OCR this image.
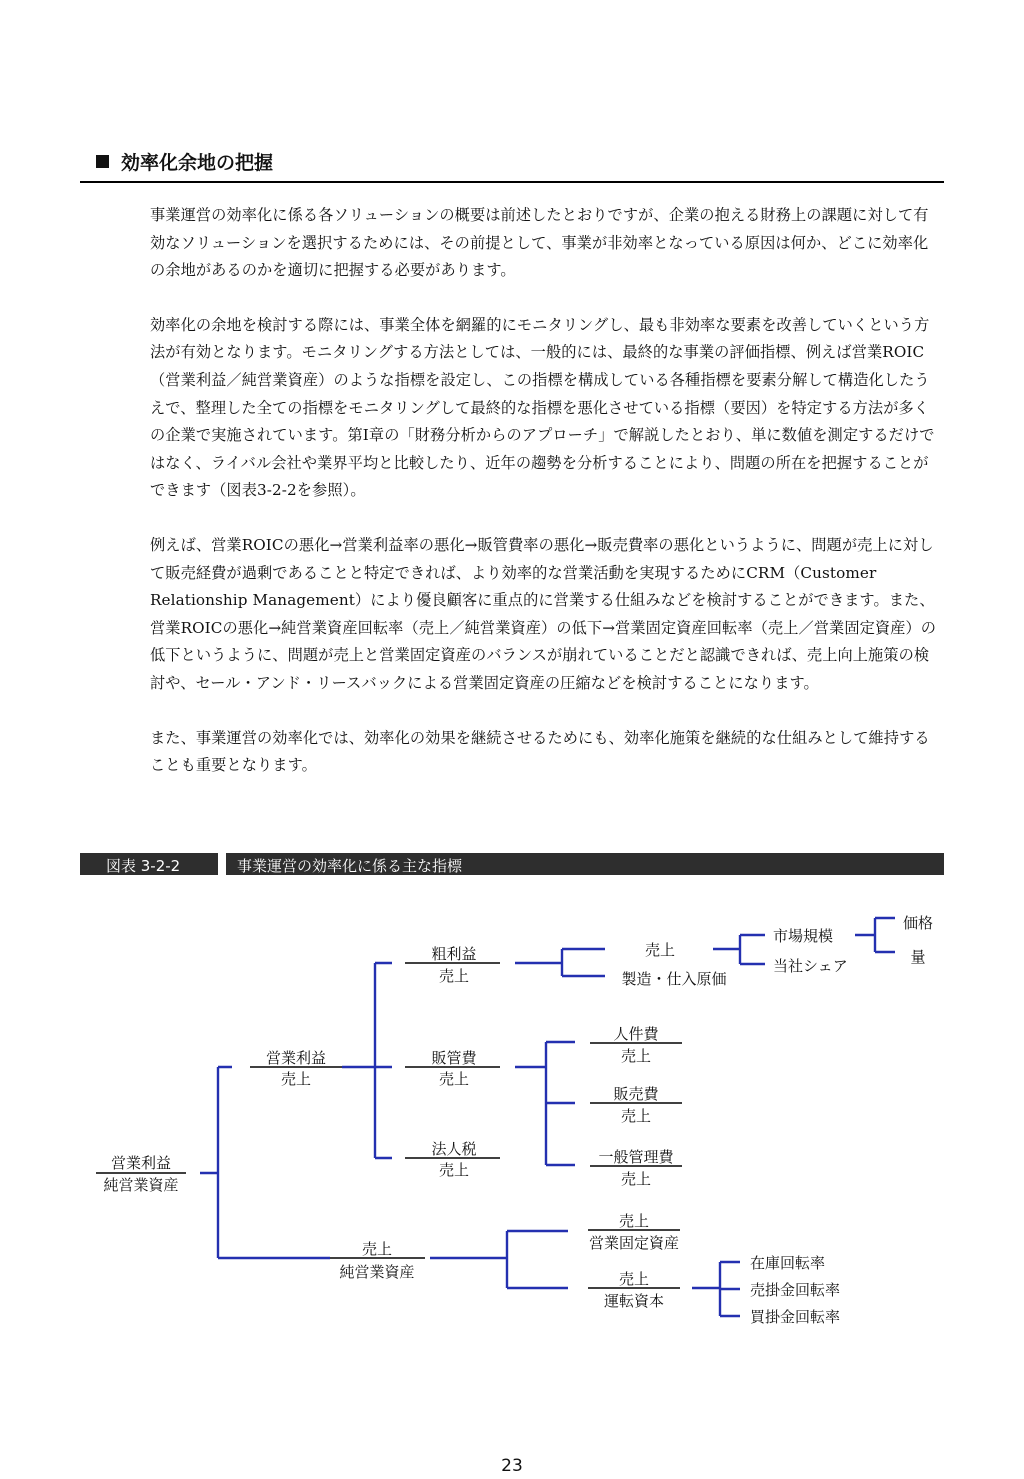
効率化余地の把握

事業運営の効率化に係る各ソリューションの概要は前述したとおりですが、企業の抱える財務上の課題に対して有効なソリューションを選択するためには、その前提として、事業が非効率となっている原因は何か、どこに効率化の余地があるのかを適切に把握する必要があります。

効率化の余地を検討する際には、事業全体を網羅的にモニタリングし、最も非効率な要素を改善していくという方法が有効となります。モニタリングする方法としては、一般的には、最終的な事業の評価指標、例えば営業ROIC（営業利益／純営業資産）のような指標を設定し、この指標を構成している各種指標を要素分解して構造化したうえで、整理した全ての指標をモニタリングして最終的な指標を悪化させている指標（要因）を特定する方法が多くの企業で実施されています。第Ⅰ章の「財務分析からのアプローチ」で解説したとおり、単に数値を測定するだけではなく、ライバル会社や業界平均と比較したり、近年の趨勢を分析することにより、問題の所在を把握することができます（図表3-2-2を参照）。

例えば、営業ROICの悪化→営業利益率の悪化→販管費率の悪化→販売費率の悪化というように、問題が売上に対して販売経費が過剰であることと特定できれば、より効率的な営業活動を実現するためにCRM（Customer Relationship Management）により優良顧客に重点的に営業する仕組みなどを検討することができます。また、営業ROICの悪化→純営業資産回転率（売上／純営業資産）の低下→営業固定資産回転率（売上／営業固定資産）の低下というように、問題が売上と営業固定資産のバランスが崩れていることだと認識できれば、売上向上施策の検討や、セール・アンド・リースバックによる営業固定資産の圧縮などを検討することになります。

また、事業運営の効率化では、効率化の効果を継続させるためにも、効率化施策を継続的な仕組みとして維持することも重要となります。

図表 3-2-2	事業運営の効率化に係る主な指標
営業利益
純営業資産
営業利益
売上
売上
純営業資産
粗利益
売上
販管費
売上
法人税
売上
売上
製造・仕入原価
市場規模
当社シェア
価格
量
人件費
売上
販売費
売上
一般管理費
売上
売上
営業固定資産
売上
運転資本
在庫回転率
売掛金回転率
買掛金回転率
23
